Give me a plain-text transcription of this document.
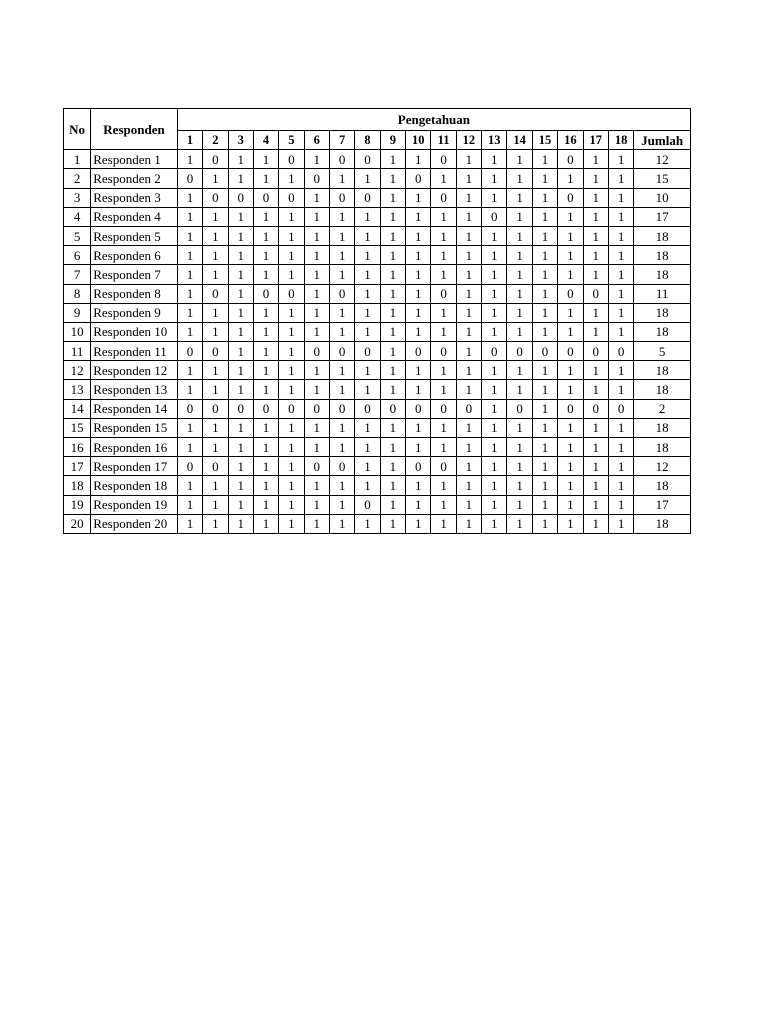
No	Responden	Pengetahuan																		
		1	2	3	4	5	6	7	8	9	10	11	12	13	14	15	16	17	18	Jumlah
1	Responden 1	1	0	1	1	0	1	0	0	1	1	0	1	1	1	1	0	1	1	12
2	Responden 2	0	1	1	1	1	0	1	1	1	0	1	1	1	1	1	1	1	1	15
3	Responden 3	1	0	0	0	0	1	0	0	1	1	0	1	1	1	1	0	1	1	10
4	Responden 4	1	1	1	1	1	1	1	1	1	1	1	1	0	1	1	1	1	1	17
5	Responden 5	1	1	1	1	1	1	1	1	1	1	1	1	1	1	1	1	1	1	18
6	Responden 6	1	1	1	1	1	1	1	1	1	1	1	1	1	1	1	1	1	1	18
7	Responden 7	1	1	1	1	1	1	1	1	1	1	1	1	1	1	1	1	1	1	18
8	Responden 8	1	0	1	0	0	1	0	1	1	1	0	1	1	1	1	0	0	1	11
9	Responden 9	1	1	1	1	1	1	1	1	1	1	1	1	1	1	1	1	1	1	18
10	Responden 10	1	1	1	1	1	1	1	1	1	1	1	1	1	1	1	1	1	1	18
11	Responden 11	0	0	1	1	1	0	0	0	1	0	0	1	0	0	0	0	0	0	5
12	Responden 12	1	1	1	1	1	1	1	1	1	1	1	1	1	1	1	1	1	1	18
13	Responden 13	1	1	1	1	1	1	1	1	1	1	1	1	1	1	1	1	1	1	18
14	Responden 14	0	0	0	0	0	0	0	0	0	0	0	0	1	0	1	0	0	0	2
15	Responden 15	1	1	1	1	1	1	1	1	1	1	1	1	1	1	1	1	1	1	18
16	Responden 16	1	1	1	1	1	1	1	1	1	1	1	1	1	1	1	1	1	1	18
17	Responden 17	0	0	1	1	1	0	0	1	1	0	0	1	1	1	1	1	1	1	12
18	Responden 18	1	1	1	1	1	1	1	1	1	1	1	1	1	1	1	1	1	1	18
19	Responden 19	1	1	1	1	1	1	1	0	1	1	1	1	1	1	1	1	1	1	17
20	Responden 20	1	1	1	1	1	1	1	1	1	1	1	1	1	1	1	1	1	1	18
